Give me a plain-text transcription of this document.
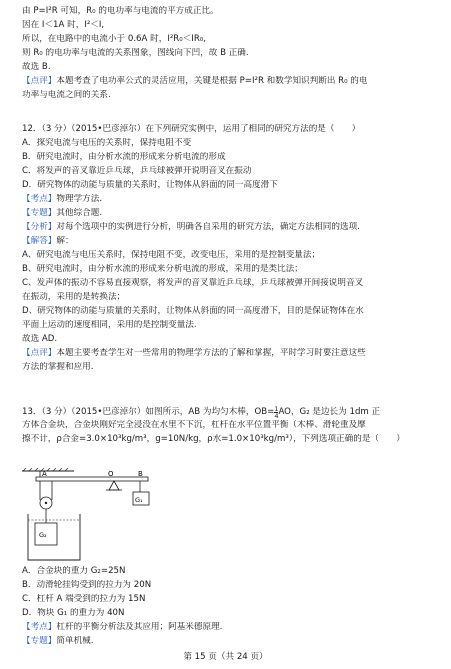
由 P=I²R 可知，R₀ 的电功率与电流的平方成正比。
因在 I＜1A 时，I²＜I,
所以，在电路中的电流小于 0.6A 时，I²R₀＜IR₀,
则 R₀ 的电功率与电流的关系图象，图线向下凹，故 B 正确.
故选 B.
【点评】本题考查了电功率公式的灵活应用，关键是根据 P=I²R 和数学知识判断出 R₀ 的电
功率与电流之间的关系.
12．（3 分）（2015•巴彦淖尔）在下列研究实例中，运用了相同的研究方法的是（　　）
A．探究电流与电压的关系时，保持电阻不变
B．研究电流时，由分析水流的形成来分析电流的形成
C．将发声的音叉靠近乒乓球，乒乓球被弹开说明音叉在振动
D．研究物体的动能与质量的关系时，让物体从斜面的同一高度滑下
【考点】物理学方法.
【专题】其他综合题.
【分析】对每个选项中的实例进行分析，明确各自采用的研究方法，确定方法相同的选项.
【解答】解：
A、研究电流与电压关系时，保持电阻不变，改变电压，采用的是控制变量法；
B、研究电流时，由分析水流的形成来分析电流的形成，采用的是类比法；
C、发声体的振动不容易直接观察，将发声的音叉靠近乒乓球，乒乓球被弹开间接说明音叉
在振动，采用的是转换法；
D、研究物体的动能与质量的关系时，让物体从斜面的同一高度滑下，目的是保证物体在水
平面上运动的速度相同，采用的是控制变量法.
故选 AD.
【点评】本题主要考查学生对一些常用的物理学方法的了解和掌握，平时学习时要注意这些
方法的掌握和应用.
方体合金块，合金块刚好完全浸没在水里不下沉，杠杆在水平位置平衡（木棒、滑轮重及摩
擦不计，ρ合金=3.0×10³kg/m³，g=10N/kg，ρ水=1.0×10³kg/m³），下列选项正确的是（　　）
A．合金块的重力 G₂=25N
B．动滑轮挂钩受到的拉力为 20N
C．杠杆 A 端受到的拉力为 15N
D．物块 G₁ 的重力为 40N
【考点】杠杆的平衡分析法及其应用；阿基米德原理.
【专题】简单机械.
13．（3 分）（2015•巴彦淖尔）如图所示，AB 为均匀木棒，$OB= \frac{1}{4}$ AO，G₂ 是边长为 1dm 正
A	O	B
G₁
G₂
第 15 页（共 24 页）
